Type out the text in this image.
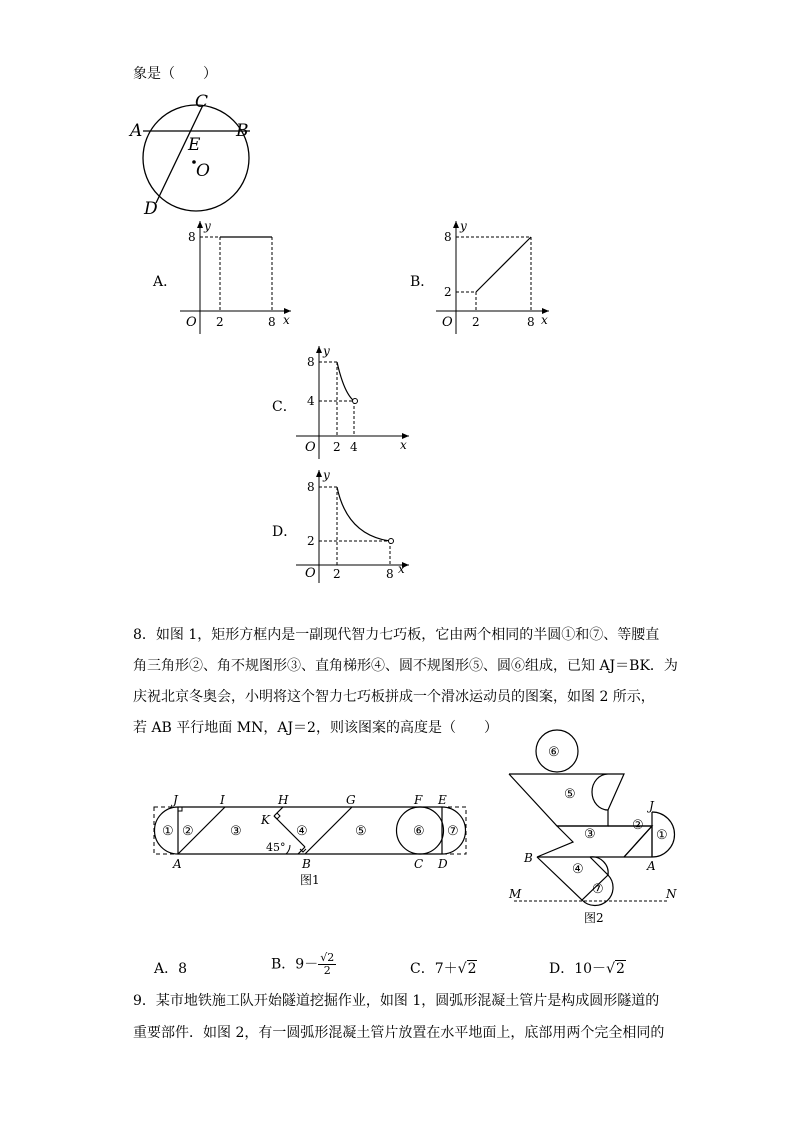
象是（　　）
A	B
C
D
E
O
A．
y
x
O 2	8
8
B．
y
x
O 2	8
2
8
C．
y
x
O 2 4
4
8
D．
y
x
O 2	8
2
8
8．如图 1，矩形方框内是一副现代智力七巧板，它由两个相同的半圆①和⑦、等腰直
角三角形②、角不规图形③、直角梯形④、圆不规图形⑤、圆⑥组成，已知 AJ＝BK．为
庆祝北京冬奥会，小明将这个智力七巧板拼成一个滑冰运动员的图案，如图 2 所示，
若 AB 平行地面 MN，AJ＝2，则该图案的高度是（　　）
J	I	H	G	F E
A	B	C D
K
45°
① ②	③	④	⑤	⑥ ⑦
图1
⑥
⑤
③
②
①
④
⑦
J
A
B
M	N
图2
A．8	B．$9- \frac{√2}{2}$	C．7＋√2	D．10－√2
9．某市地铁施工队开始隧道挖掘作业，如图 1，圆弧形混凝土管片是构成圆形隧道的
重要部件．如图 2，有一圆弧形混凝土管片放置在水平地面上，底部用两个完全相同的
